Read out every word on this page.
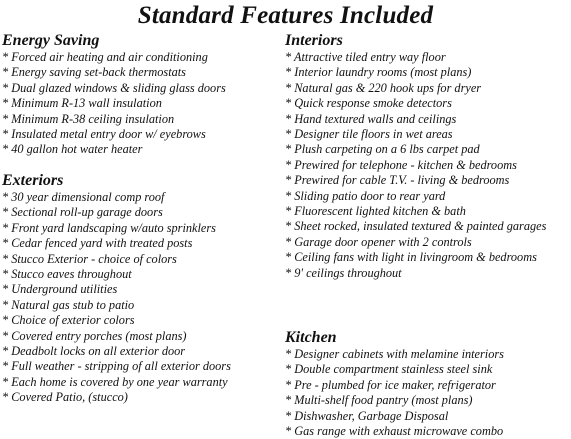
Standard Features Included
Energy Saving
* Forced air heating and air conditioning
* Energy saving set-back thermostats
* Dual glazed windows & sliding glass doors
* Minimum R-13 wall insulation
* Minimum R-38 ceiling insulation
* Insulated metal entry door w/ eyebrows
* 40 gallon hot water heater
Exteriors
* 30 year dimensional comp roof
* Sectional roll-up garage doors
* Front yard landscaping w/auto sprinklers
* Cedar fenced yard with treated posts
* Stucco Exterior - choice of colors
* Stucco eaves throughout
* Underground utilities
* Natural gas stub to patio
* Choice of exterior colors
* Covered entry porches (most plans)
* Deadbolt locks on all exterior door
* Full weather - stripping of all exterior doors
* Each home is covered by one year warranty
* Covered Patio, (stucco)
Interiors
* Attractive tiled entry way floor
* Interior laundry rooms (most plans)
* Natural gas & 220 hook ups for dryer
* Quick response smoke detectors
* Hand textured walls and ceilings
* Designer tile floors in wet areas
* Plush carpeting on a 6 lbs carpet pad
* Prewired for telephone - kitchen & bedrooms
* Prewired for cable T.V. - living & bedrooms
* Sliding patio door to rear yard
* Fluorescent lighted kitchen & bath
* Sheet rocked, insulated textured & painted garages
* Garage door opener with 2 controls
* Ceiling fans with light in livingroom & bedrooms
* 9' ceilings throughout
Kitchen
* Designer cabinets with melamine interiors
* Double compartment stainless steel sink
* Pre - plumbed for ice maker, refrigerator
* Multi-shelf food pantry (most plans)
* Dishwasher, Garbage Disposal
* Gas range with exhaust microwave combo
